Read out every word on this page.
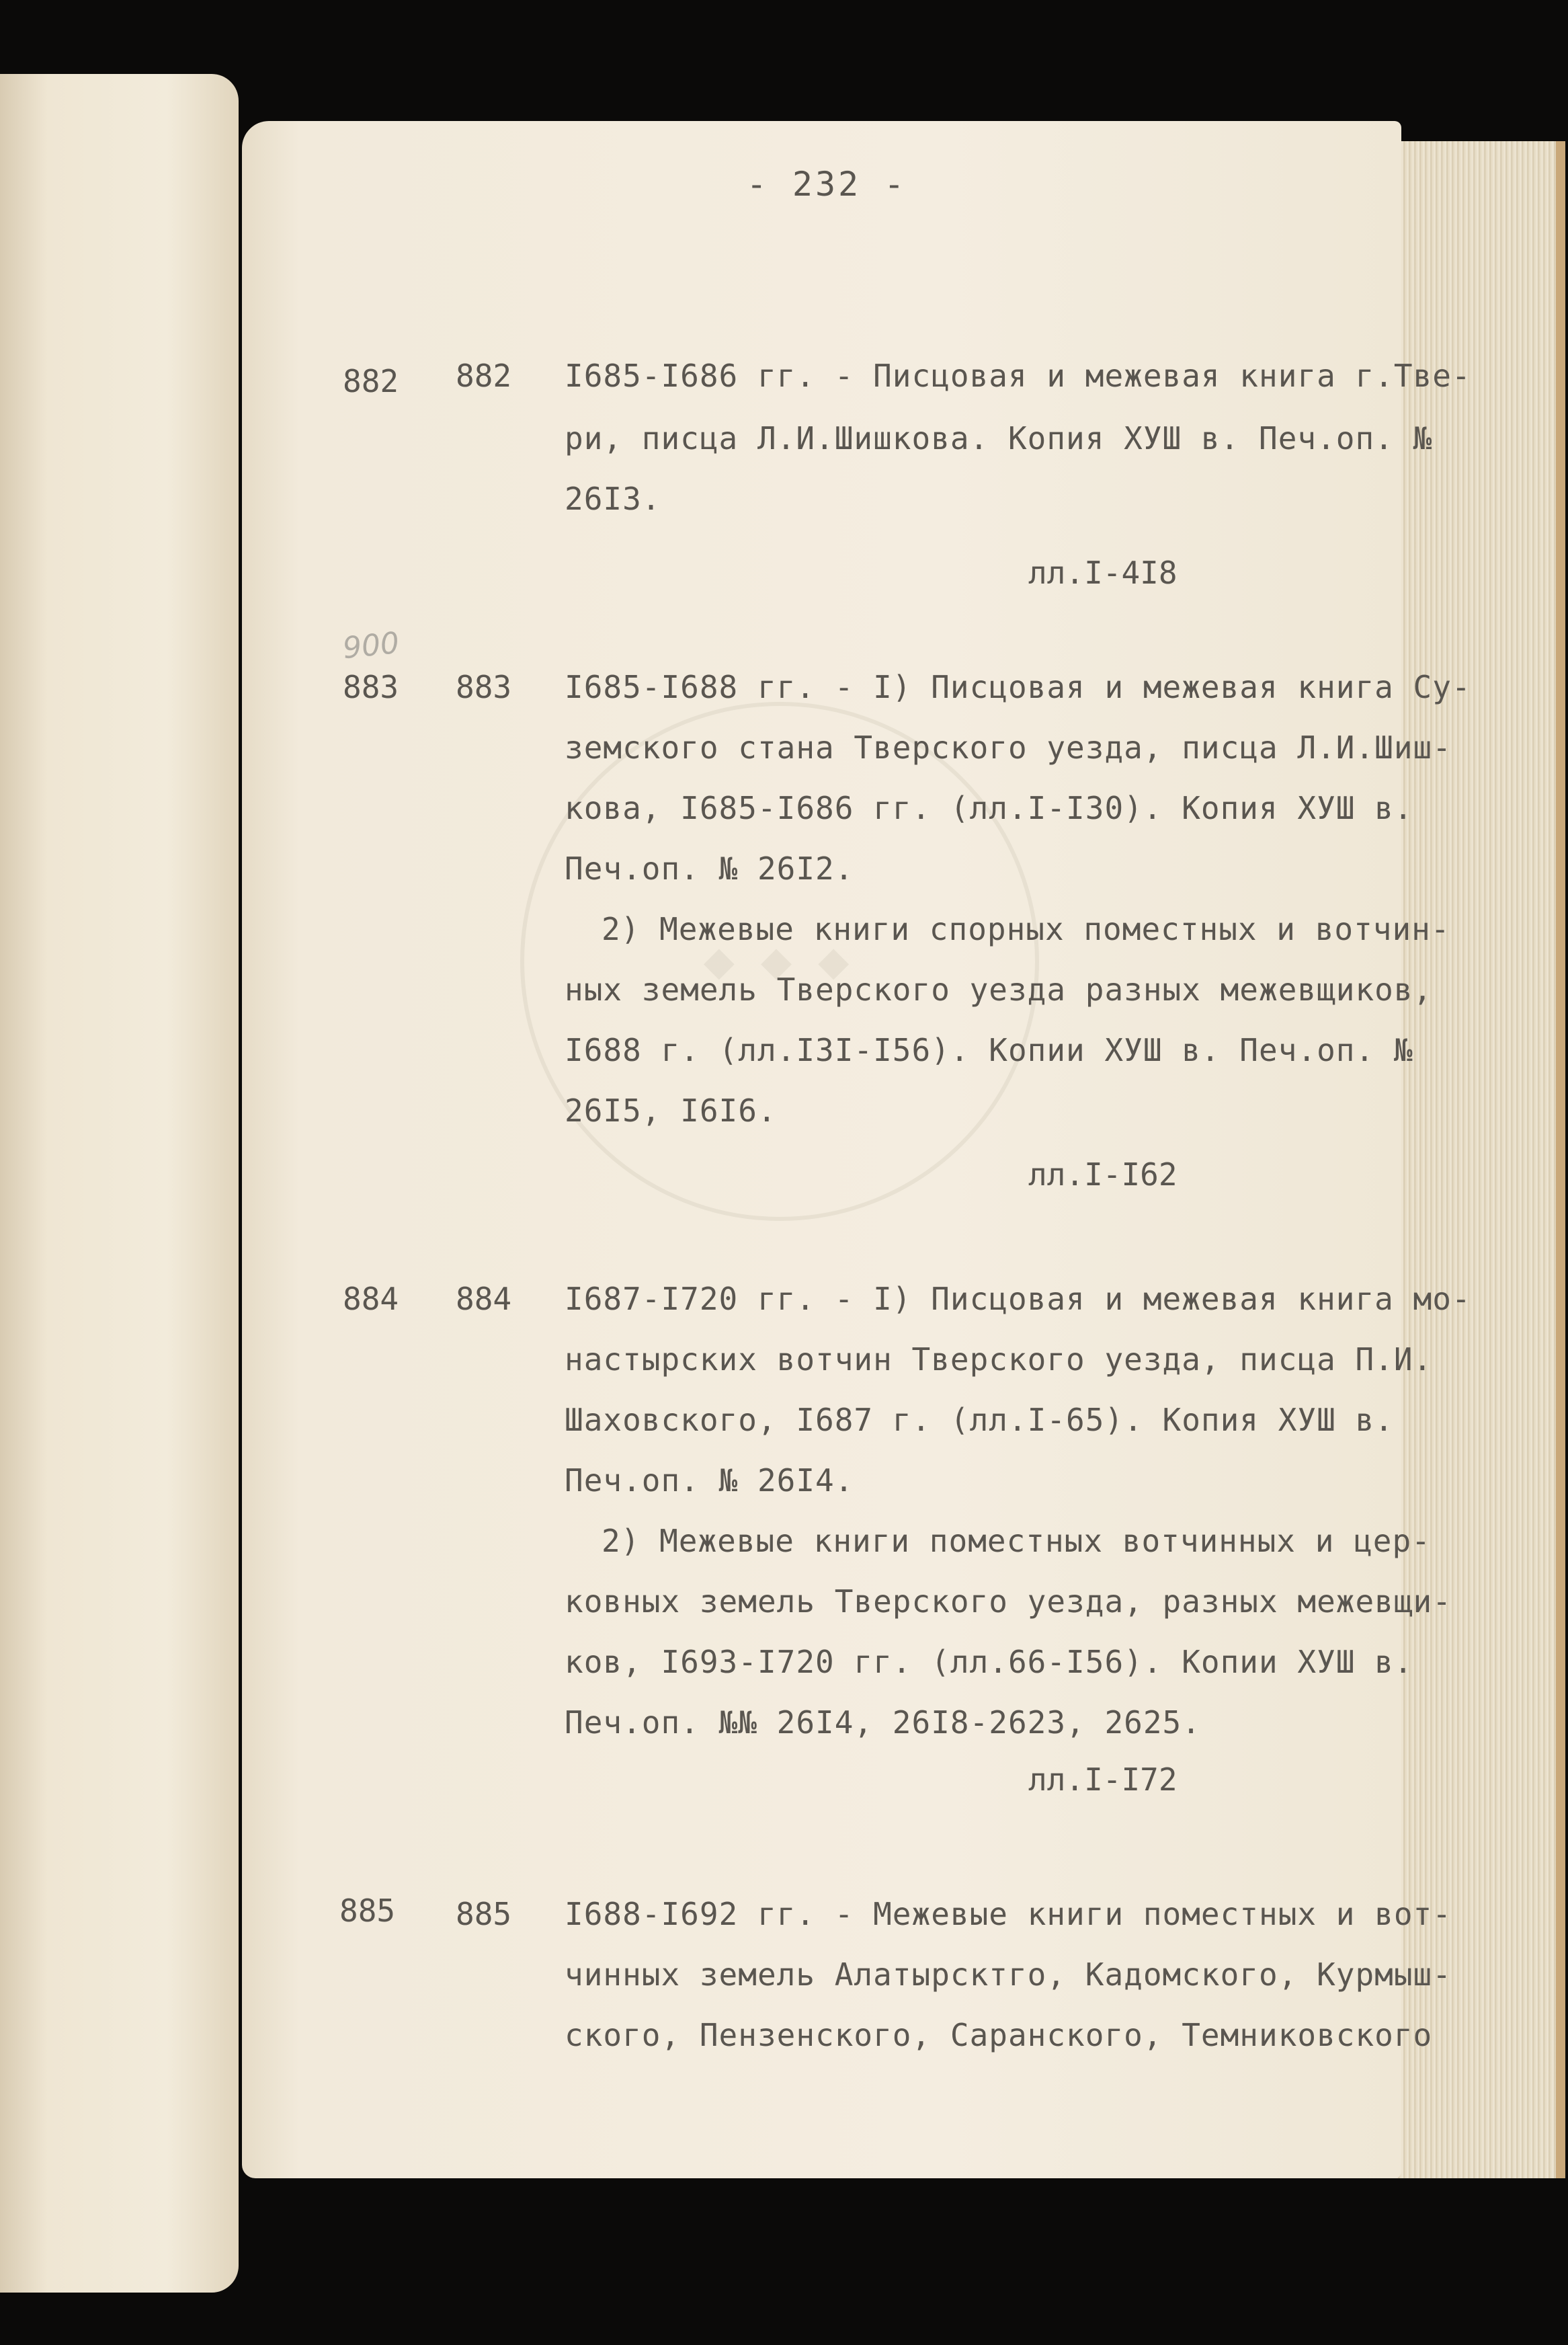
◆ ◆ ◆
- 232 -
882 882 I685-I686 гг. - Писцовая и межевая книга г.Тве-
ри, писца Л.И.Шишкова. Копия ХУШ в. Печ.оп. №
26I3.
лл.I-4I8
900
883 883 I685-I688 гг. - I) Писцовая и межевая книга Су-
земского стана Тверского уезда, писца Л.И.Шиш-
кова, I685-I686 гг. (лл.I-I30). Копия ХУШ в.
Печ.оп. № 26I2.
2) Межевые книги спорных поместных и вотчин-
ных земель Тверского уезда разных межевщиков,
I688 г. (лл.I3I-I56). Копии ХУШ в. Печ.оп. №
26I5, I6I6.
лл.I-I62
884 884 I687-I720 гг. - I) Писцовая и межевая книга мо-
настырских вотчин Тверского уезда, писца П.И.
Шаховского, I687 г. (лл.I-65). Копия ХУШ в.
Печ.оп. № 26I4.
2) Межевые книги поместных вотчинных и цер-
ковных земель Тверского уезда, разных межевщи-
ков, I693-I720 гг. (лл.66-I56). Копии ХУШ в.
Печ.оп. №№ 26I4, 26I8-2623, 2625.
лл.I-I72
885 885 I688-I692 гг. - Межевые книги поместных и вот-
чинных земель Алатырсктго, Кадомского, Курмыш-
ского, Пензенского, Саранского, Темниковского
